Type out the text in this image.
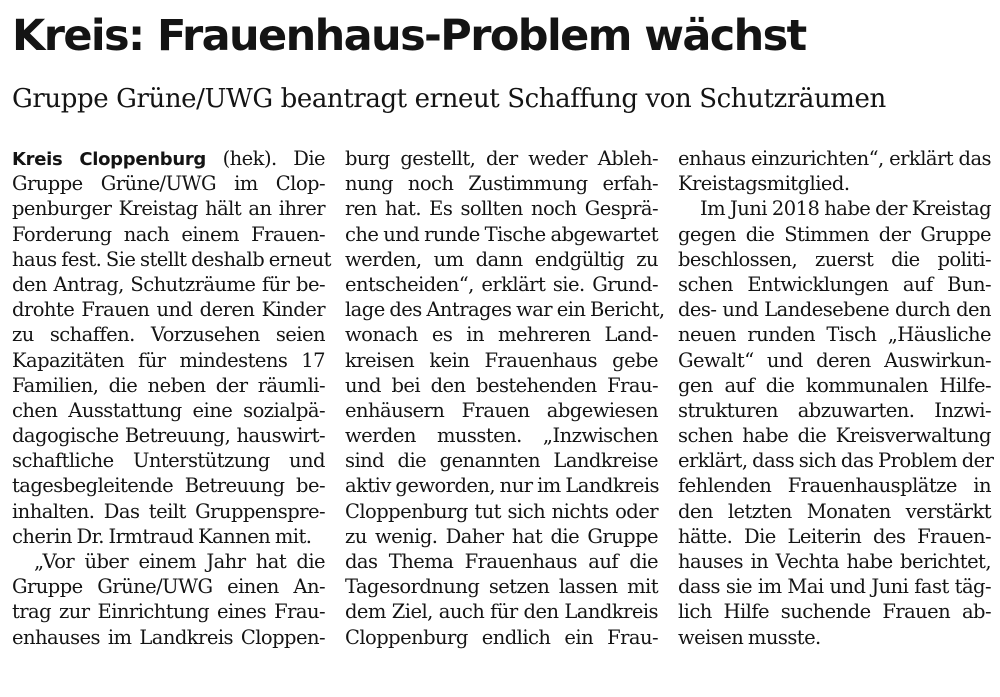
Kreis: Frauenhaus-Problem wächst
Gruppe Grüne/UWG beantragt erneut Schaffung von Schutzräumen
Kreis Cloppenburg (hek). Die
Gruppe Grüne/UWG im Clop-
penburger Kreistag hält an ihrer
Forderung nach einem Frauen-
haus fest. Sie stellt deshalb erneut
den Antrag, Schutzräume für be-
drohte Frauen und deren Kinder
zu schaffen. Vorzusehen seien
Kapazitäten für mindestens 17
Familien, die neben der räumli-
chen Ausstattung eine sozialpä-
dagogische Betreuung, hauswirt-
schaftliche Unterstützung und
tagesbegleitende Betreuung be-
inhalten. Das teilt Gruppenspre-
cherin Dr. Irmtraud Kannen mit.
„Vor über einem Jahr hat die
Gruppe Grüne/UWG einen An-
trag zur Einrichtung eines Frau-
enhauses im Landkreis Cloppen-
burg gestellt, der weder Ableh-
nung noch Zustimmung erfah-
ren hat. Es sollten noch Gesprä-
che und runde Tische abgewartet
werden, um dann endgültig zu
entscheiden“, erklärt sie. Grund-
lage des Antrages war ein Bericht,
wonach es in mehreren Land-
kreisen kein Frauenhaus gebe
und bei den bestehenden Frau-
enhäusern Frauen abgewiesen
werden mussten. „Inzwischen
sind die genannten Landkreise
aktiv geworden, nur im Landkreis
Cloppenburg tut sich nichts oder
zu wenig. Daher hat die Gruppe
das Thema Frauenhaus auf die
Tagesordnung setzen lassen mit
dem Ziel, auch für den Landkreis
Cloppenburg endlich ein Frau-
enhaus einzurichten“, erklärt das
Kreistagsmitglied.
Im Juni 2018 habe der Kreistag
gegen die Stimmen der Gruppe
beschlossen, zuerst die politi-
schen Entwicklungen auf Bun-
des- und Landesebene durch den
neuen runden Tisch „Häusliche
Gewalt“ und deren Auswirkun-
gen auf die kommunalen Hilfe-
strukturen abzuwarten. Inzwi-
schen habe die Kreisverwaltung
erklärt, dass sich das Problem der
fehlenden Frauenhausplätze in
den letzten Monaten verstärkt
hätte. Die Leiterin des Frauen-
hauses in Vechta habe berichtet,
dass sie im Mai und Juni fast täg-
lich Hilfe suchende Frauen ab-
weisen musste.
